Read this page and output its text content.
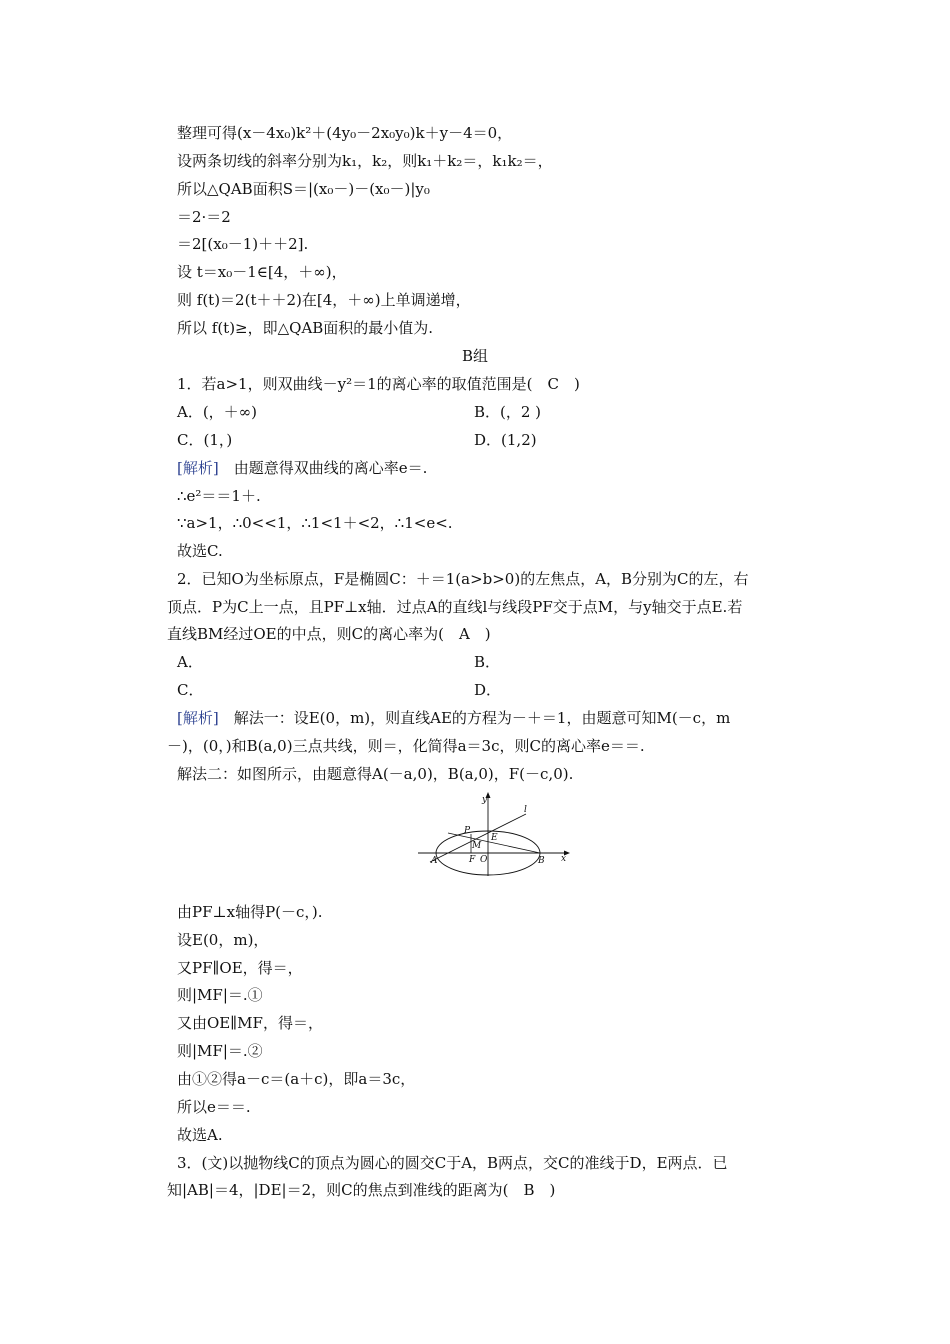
整理可得(x－4x₀)k²＋(4y₀－2x₀y₀)k＋y－4＝0，
设两条切线的斜率分别为k₁，k₂，则k₁＋k₂＝，k₁k₂＝，
所以△QAB面积S＝|(x₀－)－(x₀－)|y₀
＝2·＝2
＝2[(x₀－1)＋＋2].
设 t＝x₀－1∈[4，＋∞)，
则 f(t)＝2(t＋＋2)在[4，＋∞)上单调递增，
所以 f(t)≥，即△QAB面积的最小值为.
B组
1．若a>1，则双曲线－y²＝1的离心率的取值范围是(　C　)
A．(，＋∞)	B．(，2 )
C．(1，)	D．(1,2)
[解析]　由题意得双曲线的离心率e＝.
∴e²＝＝1＋.
∵a>1，∴0<<1，∴1<1＋<2，∴1<e<.
故选C.
2．已知O为坐标原点，F是椭圆C：＋＝1(a>b>0)的左焦点，A，B分别为C的左，右
顶点．P为C上一点，且PF⊥x轴．过点A的直线l与线段PF交于点M，与y轴交于点E.若
直线BM经过OE的中点，则C的离心率为(　A　)
A．	B．
C．	D．
[解析]　解法一：设E(0，m)，则直线AE的方程为－＋＝1，由题意可知M(－c，m
－)，(0，)和B(a,0)三点共线，则＝，化简得a＝3c，则C的离心率e＝＝.
解法二：如图所示，由题意得A(－a,0)，B(a,0)，F(－c,0).
y
x
l
P
E
M
F O
A	B
由PF⊥x轴得P(－c，).
设E(0，m)，
又PF∥OE，得＝，
则|MF|＝.①
又由OE∥MF，得＝，
则|MF|＝.②
由①②得a－c＝(a＋c)，即a＝3c，
所以e＝＝.
故选A.
3．(文)以抛物线C的顶点为圆心的圆交C于A，B两点，交C的准线于D，E两点．已
知|AB|＝4，|DE|＝2，则C的焦点到准线的距离为(　B　)
